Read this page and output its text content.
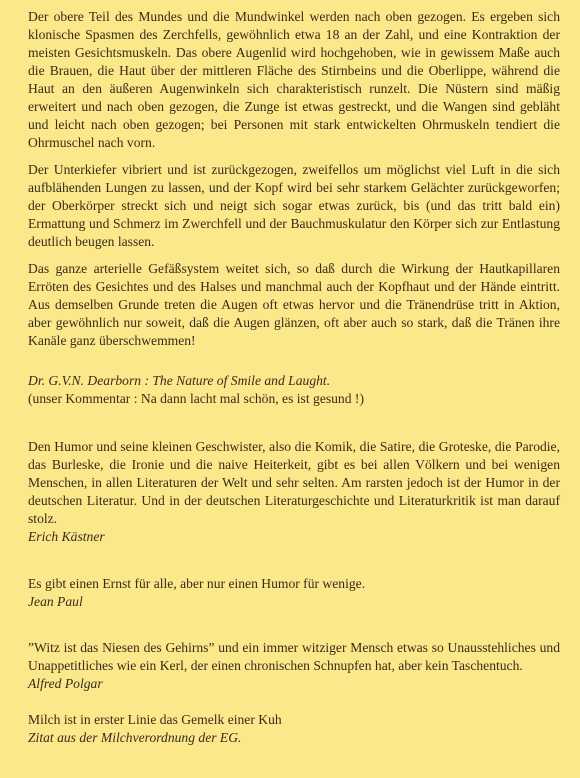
Der obere Teil des Mundes und die Mundwinkel werden nach oben gezogen. Es ergeben sich klonische Spasmen des Zerchfells, gewöhnlich etwa 18 an der Zahl, und eine Kontraktion der meisten Gesichtsmuskeln. Das obere Augenlid wird hochgehoben, wie in gewissem Maße auch die Brauen, die Haut über der mittleren Fläche des Stirnbeins und die Oberlippe, während die Haut an den äußeren Augenwinkeln sich charakteristisch runzelt. Die Nüstern sind mäßig erweitert und nach oben gezogen, die Zunge ist etwas gestreckt, und die Wangen sind gebläht und leicht nach oben gezogen; bei Personen mit stark entwickelten Ohrmuskeln tendiert die Ohrmuschel nach vorn.

Der Unterkiefer vibriert und ist zurückgezogen, zweifellos um möglichst viel Luft in die sich aufblähenden Lungen zu lassen, und der Kopf wird bei sehr starkem Gelächter zurückgeworfen; der Oberkörper streckt sich und neigt sich sogar etwas zurück, bis (und das tritt bald ein) Ermattung und Schmerz im Zwerchfell und der Bauchmuskulatur den Körper sich zur Entlastung deutlich beugen lassen.

Das ganze arterielle Gefäßsystem weitet sich, so daß durch die Wirkung der Hautkapillaren Erröten des Gesichtes und des Halses und manchmal auch der Kopfhaut und der Hände eintritt. Aus demselben Grunde treten die Augen oft etwas hervor und die Tränendrüse tritt in Aktion, aber gewöhnlich nur soweit, daß die Augen glänzen, oft aber auch so stark, daß die Tränen ihre Kanäle ganz überschwemmen!

Dr. G.V.N. Dearborn : The Nature of Smile and Laught.

(unser Kommentar : Na dann lacht mal schön, es ist gesund !)

Den Humor und seine kleinen Geschwister, also die Komik, die Satire, die Groteske, die Parodie, das Burleske, die Ironie und die naive Heiterkeit, gibt es bei allen Völkern und bei wenigen Menschen, in allen Literaturen der Welt und sehr selten. Am rarsten jedoch ist der Humor in der deutschen Literatur. Und in der deutschen Literaturgeschichte und Literaturkritik ist man darauf stolz.

Erich Kästner

Es gibt einen Ernst für alle, aber nur einen Humor für wenige.

Jean Paul

”Witz ist das Niesen des Gehirns” und ein immer witziger Mensch etwas so Unausstehliches und Unappetitliches wie ein Kerl, der einen chronischen Schnupfen hat, aber kein Taschentuch.

Alfred Polgar

Milch ist in erster Linie das Gemelk einer Kuh

Zitat aus der Milchverordnung der EG.
